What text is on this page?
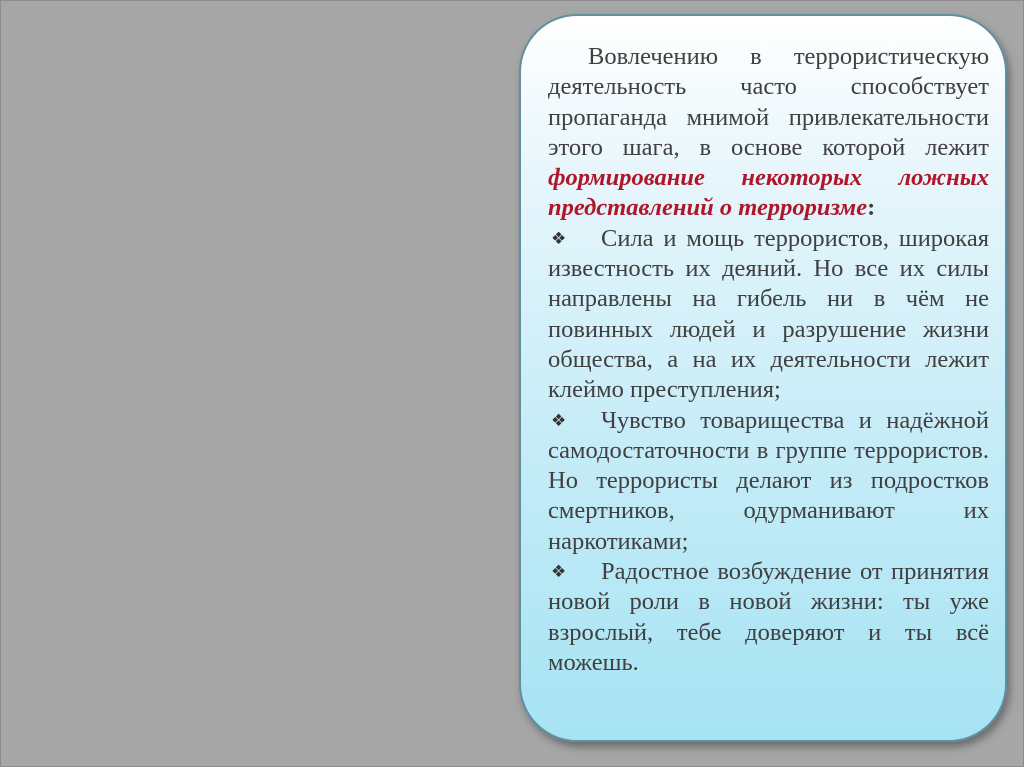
Вовлечению в террористическую деятельность часто способствует пропаганда мнимой привлекательности этого шага, в основе которой лежит формирование некоторых ложных представлений о терроризме:

❖ Сила и мощь террористов, широкая известность их деяний. Но все их силы направлены на гибель ни в чём не повинных людей и разрушение жизни общества, а на их деятельности лежит клеймо преступления;

❖ Чувство товарищества и надёжной самодостаточности в группе террористов. Но террористы делают из подростков смертников, одурманивают их наркотиками;

❖ Радостное возбуждение от принятия новой роли в новой жизни: ты уже взрослый, тебе доверяют и ты всё можешь.
